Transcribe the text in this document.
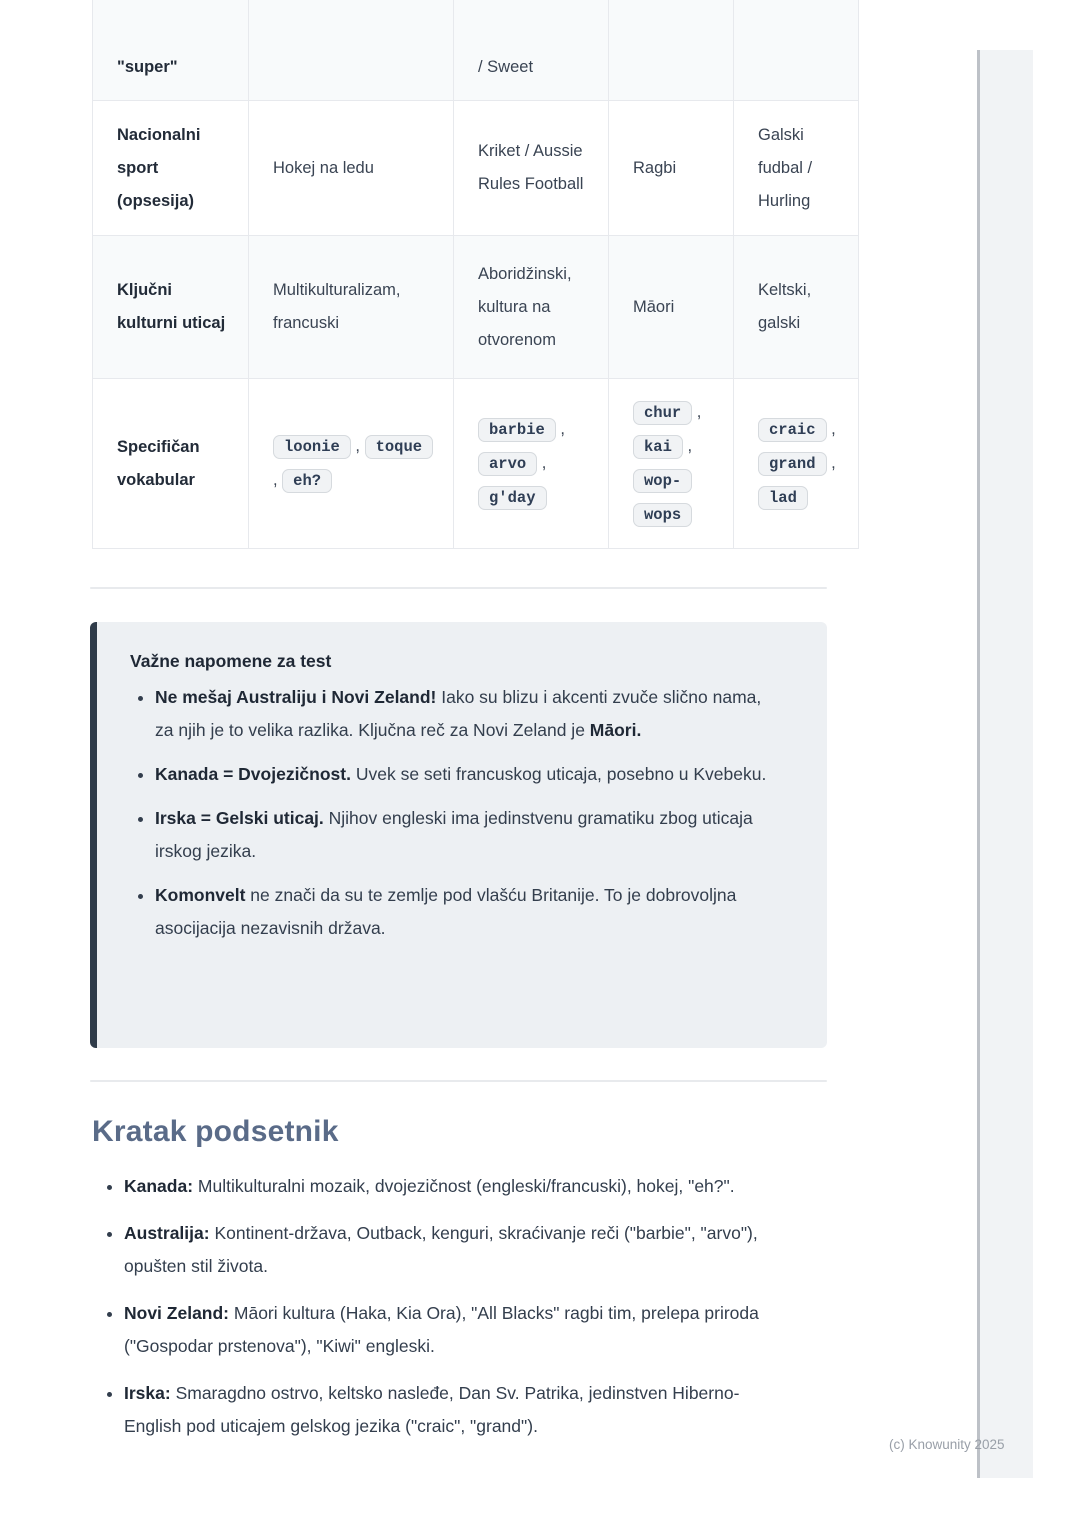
"super"		/ Sweet		
Nacionalni sport (opsesija)	Hokej na ledu	Kriket / Aussie Rules Football	Ragbi	Galski fudbal / Hurling
Ključni kulturni uticaj	Multikulturalizam, francuski	Aboridžinski, kultura na otvorenom	Māori	Keltski, galski
Specifičan vokabular	loonie , toque , eh?	barbie , arvo , g'day	chur , kai , wop-wops	craic , grand , lad
Važne napomene za test
• Ne mešaj Australiju i Novi Zeland! Iako su blizu i akcenti zvuče slično nama, za njih je to velika razlika. Ključna reč za Novi Zeland je Māori.
• Kanada = Dvojezičnost. Uvek se seti francuskog uticaja, posebno u Kvebeku.
• Irska = Gelski uticaj. Njihov engleski ima jedinstvenu gramatiku zbog uticaja irskog jezika.
• Komonvelt ne znači da su te zemlje pod vlašću Britanije. To je dobrovoljna asocijacija nezavisnih država.
Kratak podsetnik
• Kanada: Multikulturalni mozaik, dvojezičnost (engleski/francuski), hokej, "eh?".
• Australija: Kontinent-država, Outback, kenguri, skraćivanje reči ("barbie", "arvo"), opušten stil života.
• Novi Zeland: Māori kultura (Haka, Kia Ora), "All Blacks" ragbi tim, prelepa priroda ("Gospodar prstenova"), "Kiwi" engleski.
• Irska: Smaragdno ostrvo, keltsko nasleđe, Dan Sv. Patrika, jedinstven Hiberno-English pod uticajem gelskog jezika ("craic", "grand").
(c) Knowunity 2025
